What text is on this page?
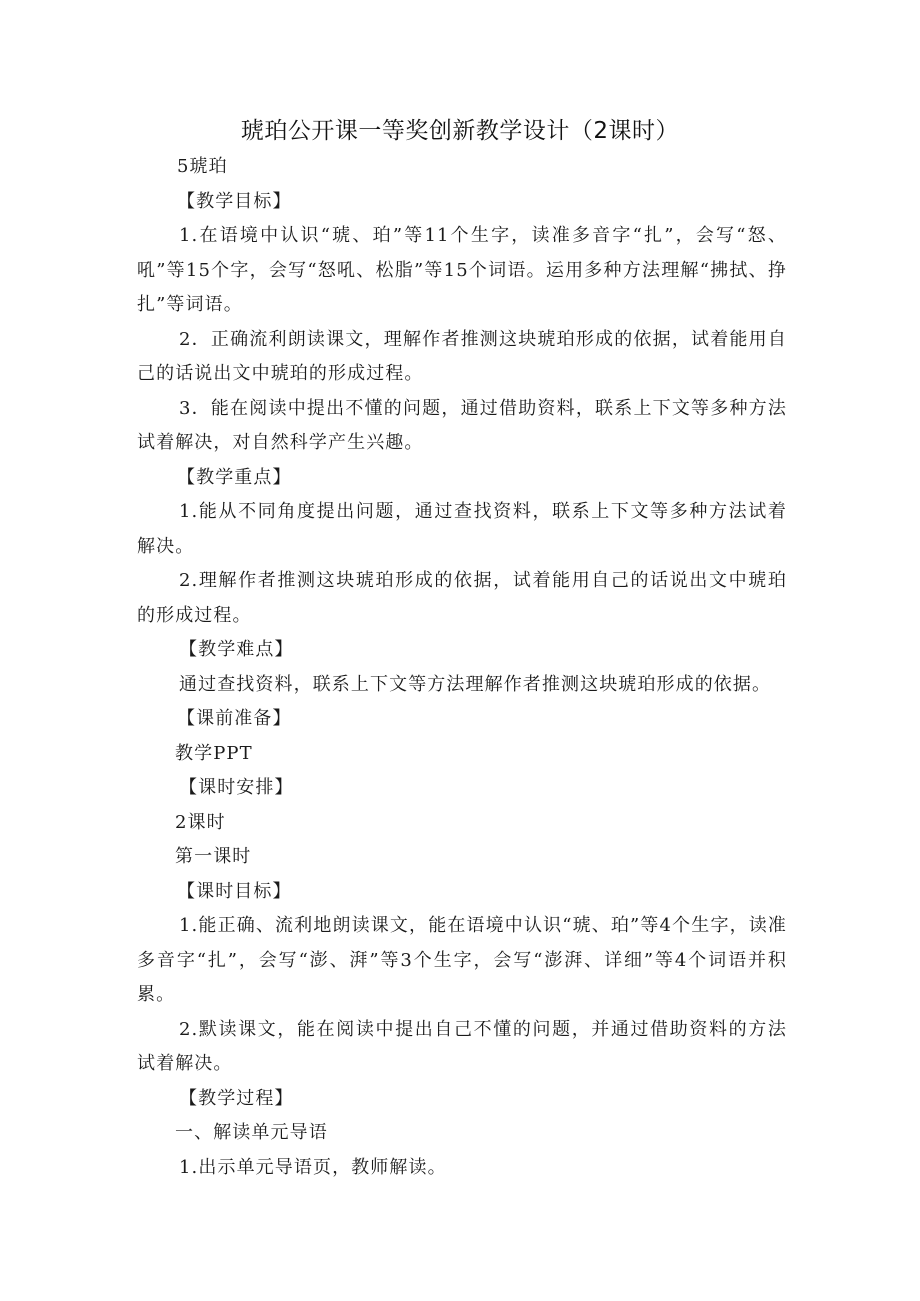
琥珀公开课一等奖创新教学设计（2课时）

5琥珀

【教学目标】

1.在语境中认识“琥、珀”等11个生字，读准多音字“扎”，会写“怒、吼”等15个字，会写“怒吼、松脂”等15个词语。运用多种方法理解“拂拭、挣扎”等词语。

2．正确流利朗读课文，理解作者推测这块琥珀形成的依据，试着能用自己的话说出文中琥珀的形成过程。

3．能在阅读中提出不懂的问题，通过借助资料，联系上下文等多种方法试着解决，对自然科学产生兴趣。

【教学重点】

1.能从不同角度提出问题，通过查找资料，联系上下文等多种方法试着解决。

2.理解作者推测这块琥珀形成的依据，试着能用自己的话说出文中琥珀的形成过程。

【教学难点】

通过查找资料，联系上下文等方法理解作者推测这块琥珀形成的依据。

【课前准备】

教学PPT

【课时安排】

2课时

第一课时

【课时目标】

1.能正确、流利地朗读课文，能在语境中认识“琥、珀”等4个生字，读准多音字“扎”，会写“澎、湃”等3个生字，会写“澎湃、详细”等4个词语并积累。

2.默读课文，能在阅读中提出自己不懂的问题，并通过借助资料的方法试着解决。

【教学过程】

一、解读单元导语

1.出示单元导语页，教师解读。
